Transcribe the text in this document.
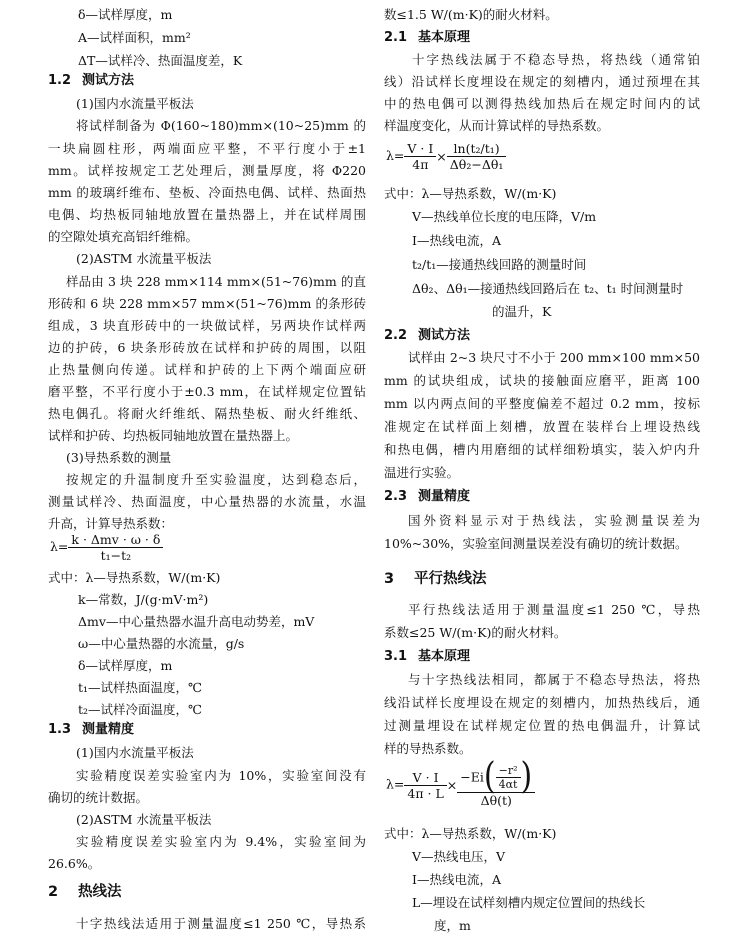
δ—试样厚度，m
A—试样面积，mm²
ΔT—试样冷、热面温度差，K
1.2 测试方法
(1)国内水流量平板法
将试样制备为 Φ(160~180)mm×(10~25)mm 的
一块扁圆柱形，两端面应平整，不平行度小于±1
mm。试样按规定工艺处理后，测量厚度，将 Φ220
mm 的玻璃纤维布、垫板、冷面热电偶、试样、热面热
电偶、均热板同轴地放置在量热器上，并在试样周围
的空隙处填充高铝纤维棉。
(2)ASTM 水流量平板法
样品由 3 块 228 mm×114 mm×(51~76)mm 的直
形砖和 6 块 228 mm×57 mm×(51~76)mm 的条形砖
组成，3 块直形砖中的一块做试样，另两块作试样两
边的护砖，6 块条形砖放在试样和护砖的周围，以阻
止热量侧向传递。试样和护砖的上下两个端面应研
磨平整，不平行度小于±0.3 mm，在试样规定位置钻
热电偶孔。将耐火纤维纸、隔热垫板、耐火纤维纸、
试样和护砖、均热板同轴地放置在量热器上。
(3)导热系数的测量
按规定的升温制度升至实验温度，达到稳态后，
测量试样冷、热面温度，中心量热器的水流量，水温
升高，计算导热系数：
$\lambda= \frac{\text{k · Δmv · ω · δ}}{\text{t₁−t₂}}$
式中：λ—导热系数，W/(m·K)
k—常数，J/(g·mV·m²)
Δmv—中心量热器水温升高电动势差，mV
ω—中心量热器的水流量，g/s
δ—试样厚度，m
t₁—试样热面温度，℃
t₂—试样冷面温度，℃
1.3 测量精度
(1)国内水流量平板法
实验精度误差实验室内为 10%，实验室间没有
确切的统计数据。
(2)ASTM 水流量平板法
实验精度误差实验室内为 9.4%，实验室间为
26.6%。
2 热线法
十字热线法适用于测量温度≤1 250 ℃，导热系
数≤1.5 W/(m·K)的耐火材料。
2.1 基本原理
十字热线法属于不稳态导热，将热线（通常铂
线）沿试样长度埋设在规定的刻槽内，通过预埋在其
中的热电偶可以测得热线加热后在规定时间内的试
样温度变化，从而计算试样的导热系数。
$\lambda= \frac{V \cdot I}{4\pi} \times \frac{\text{ln(t₂/t₁)}}{\text{Δθ₂−Δθ₁}}$
式中：λ—导热系数，W/(m·K)
V—热线单位长度的电压降，V/m
I—热线电流，A
t₂/t₁—接通热线回路的测量时间
Δθ₂、Δθ₁—接通热线回路后在 t₂、t₁ 时间测量时
的温升，K
2.2 测试方法
试样由 2~3 块尺寸不小于 200 mm×100 mm×50
mm 的试块组成，试块的接触面应磨平，距离 100
mm 以内两点间的平整度偏差不超过 0.2 mm，按标
准规定在试样面上刻槽，放置在装样台上埋设热线
和热电偶，槽内用磨细的试样细粉填实，装入炉内升
温进行实验。
2.3 测量精度
国外资料显示对于热线法，实验测量误差为
10%~30%，实验室间测量误差没有确切的统计数据。
3 平行热线法
平行热线法适用于测量温度≤1 250 ℃，导热
系数≤25 W/(m·K)的耐火材料。
3.1 基本原理
与十字热线法相同，都属于不稳态导热法，将热
线沿试样长度埋设在规定的刻槽内，加热热线后，通
过测量埋设在试样规定位置的热电偶温升，计算试
样的导热系数。
$\lambda= \frac{V \cdot I}{4\pi \cdot L} \times \frac{-Ei( \frac{\text{−r²}}{4\alpha t} )}{\Delta\theta(t)}$
式中：λ—导热系数，W/(m·K)
V—热线电压，V
I—热线电流，A
L—埋设在试样刻槽内规定位置间的热线长
度，m
